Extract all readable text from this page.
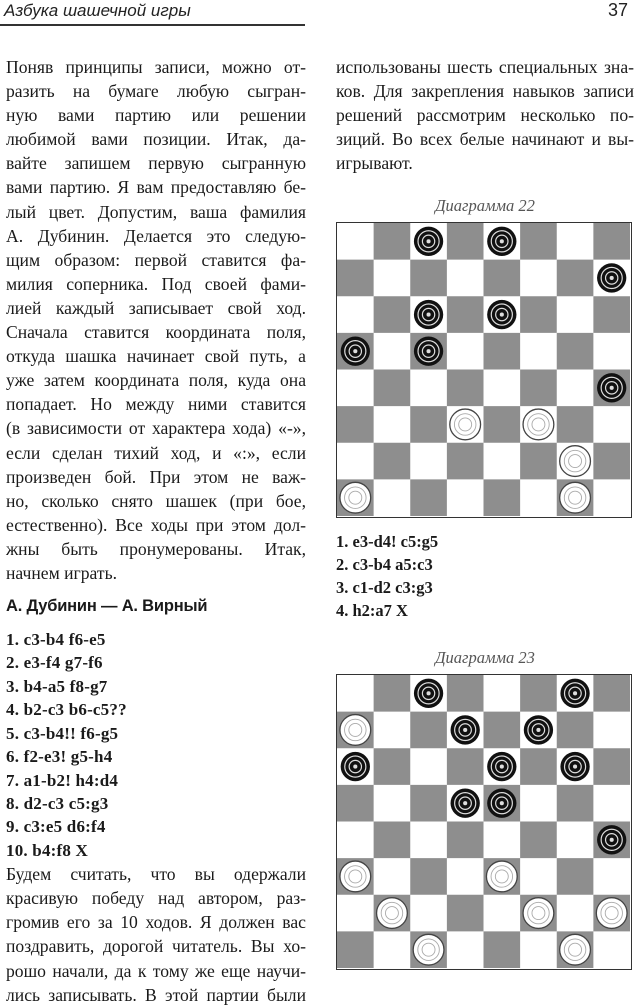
Азбука шашечной игры	37

Поняв принципы записи, можно от-
разить на бумаге любую сыгран-
ную вами партию или решении
любимой вами позиции. Итак, да-
вайте запишем первую сыгранную
вами партию. Я вам предоставляю бе-
лый цвет. Допустим, ваша фамилия
А. Дубинин. Делается это следую-
щим образом: первой ставится фа-
милия соперника. Под своей фами-
лией каждый записывает свой ход.
Сначала ставится координата поля,
откуда шашка начинает свой путь, а
уже затем координата поля, куда она
попадает. Но между ними ставится
(в зависимости от характера хода) «-»,
если сделан тихий ход, и «:», если
произведен бой. При этом не важ-
но, сколько снято шашек (при бое,
естественно). Все ходы при этом дол-
жны быть пронумерованы. Итак,
начнем играть.

А. Дубинин — А. Вирный
1. c3-b4 f6-e5
2. e3-f4 g7-f6
3. b4-a5 f8-g7
4. b2-c3 b6-c5??
5. c3-b4!! f6-g5
6. f2-e3! g5-h4
7. a1-b2! h4:d4
8. d2-c3 c5:g3
9. c3:e5 d6:f4
10. b4:f8 X

Будем считать, что вы одержали
красивую победу над автором, раз-
громив его за 10 ходов. Я должен вас
поздравить, дорогой читатель. Вы хо-
рошо начали, да к тому же еще научи-
лись записывать. В этой партии были

использованы шесть специальных зна-
ков. Для закрепления навыков записи
решений рассмотрим несколько по-
зиций. Во всех белые начинают и вы-
игрывают.

Диаграмма 22
1. e3-d4! c5:g5
2. c3-b4 a5:c3
3. c1-d2 c3:g3
4. h2:a7 X
Диаграмма 23
